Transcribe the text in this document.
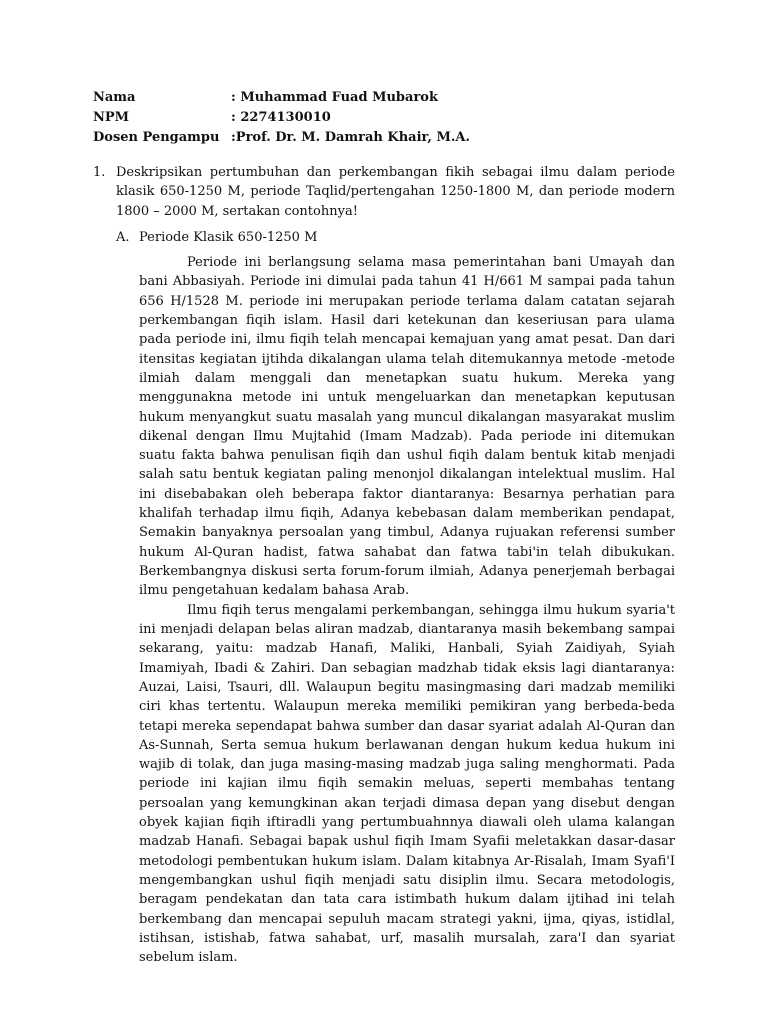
Nama	: Muhammad Fuad Mubarok
NPM	: 2274130010
Dosen Pengampu :Prof. Dr. M. Damrah Khair, M.A.
1. Deskripsikan pertumbuhan dan perkembangan fikih sebagai ilmu dalam periode klasik 650-1250 M, periode Taqlid/pertengahan 1250-1800 M, dan periode modern 1800 – 2000 M, sertakan contohnya!
A. Periode Klasik 650-1250 M

Periode ini berlangsung selama masa pemerintahan bani Umayah dan bani Abbasiyah. Periode ini dimulai pada tahun 41 H/661 M sampai pada tahun 656 H/1528 M. periode ini merupakan periode terlama dalam catatan sejarah perkembangan fiqih islam. Hasil dari ketekunan dan keseriusan para ulama pada periode ini, ilmu fiqih telah mencapai kemajuan yang amat pesat. Dan dari itensitas kegiatan ijtihda dikalangan ulama telah ditemukannya metode -metode ilmiah dalam menggali dan menetapkan suatu hukum. Mereka yang menggunakna metode ini untuk mengeluarkan dan menetapkan keputusan hukum menyangkut suatu masalah yang muncul dikalangan masyarakat muslim dikenal dengan Ilmu Mujtahid (Imam Madzab). Pada periode ini ditemukan suatu fakta bahwa penulisan fiqih dan ushul fiqih dalam bentuk kitab menjadi salah satu bentuk kegiatan paling menonjol dikalangan intelektual muslim. Hal ini disebabakan oleh beberapa faktor diantaranya: Besarnya perhatian para khalifah terhadap ilmu fiqih, Adanya kebebasan dalam memberikan pendapat, Semakin banyaknya persoalan yang timbul, Adanya rujuakan referensi sumber hukum Al-Quran hadist, fatwa sahabat dan fatwa tabi'in telah dibukukan. Berkembangnya diskusi serta forum-forum ilmiah, Adanya penerjemah berbagai ilmu pengetahuan kedalam bahasa Arab.

Ilmu fiqih terus mengalami perkembangan, sehingga ilmu hukum syaria't ini menjadi delapan belas aliran madzab, diantaranya masih bekembang sampai sekarang, yaitu: madzab Hanafi, Maliki, Hanbali, Syiah Zaidiyah, Syiah Imamiyah, Ibadi & Zahiri. Dan sebagian madzhab tidak eksis lagi diantaranya: Auzai, Laisi, Tsauri, dll. Walaupun begitu masingmasing dari madzab memiliki ciri khas tertentu. Walaupun mereka memiliki pemikiran yang berbeda-beda tetapi mereka sependapat bahwa sumber dan dasar syariat adalah Al-Quran dan As-Sunnah, Serta semua hukum berlawanan dengan hukum kedua hukum ini wajib di tolak, dan juga masing-masing madzab juga saling menghormati. Pada periode ini kajian ilmu fiqih semakin meluas, seperti membahas tentang persoalan yang kemungkinan akan terjadi dimasa depan yang disebut dengan obyek kajian fiqih iftiradli yang pertumbuahnnya diawali oleh ulama kalangan madzab Hanafi. Sebagai bapak ushul fiqih Imam Syafii meletakkan dasar-dasar metodologi pembentukan hukum islam. Dalam kitabnya Ar-Risalah, Imam Syafi'I mengembangkan ushul fiqih menjadi satu disiplin ilmu. Secara metodologis, beragam pendekatan dan tata cara istimbath hukum dalam ijtihad ini telah berkembang dan mencapai sepuluh macam strategi yakni, ijma, qiyas, istidlal, istihsan, istishab, fatwa sahabat, urf, masalih mursalah, zara'I dan syariat sebelum islam.
